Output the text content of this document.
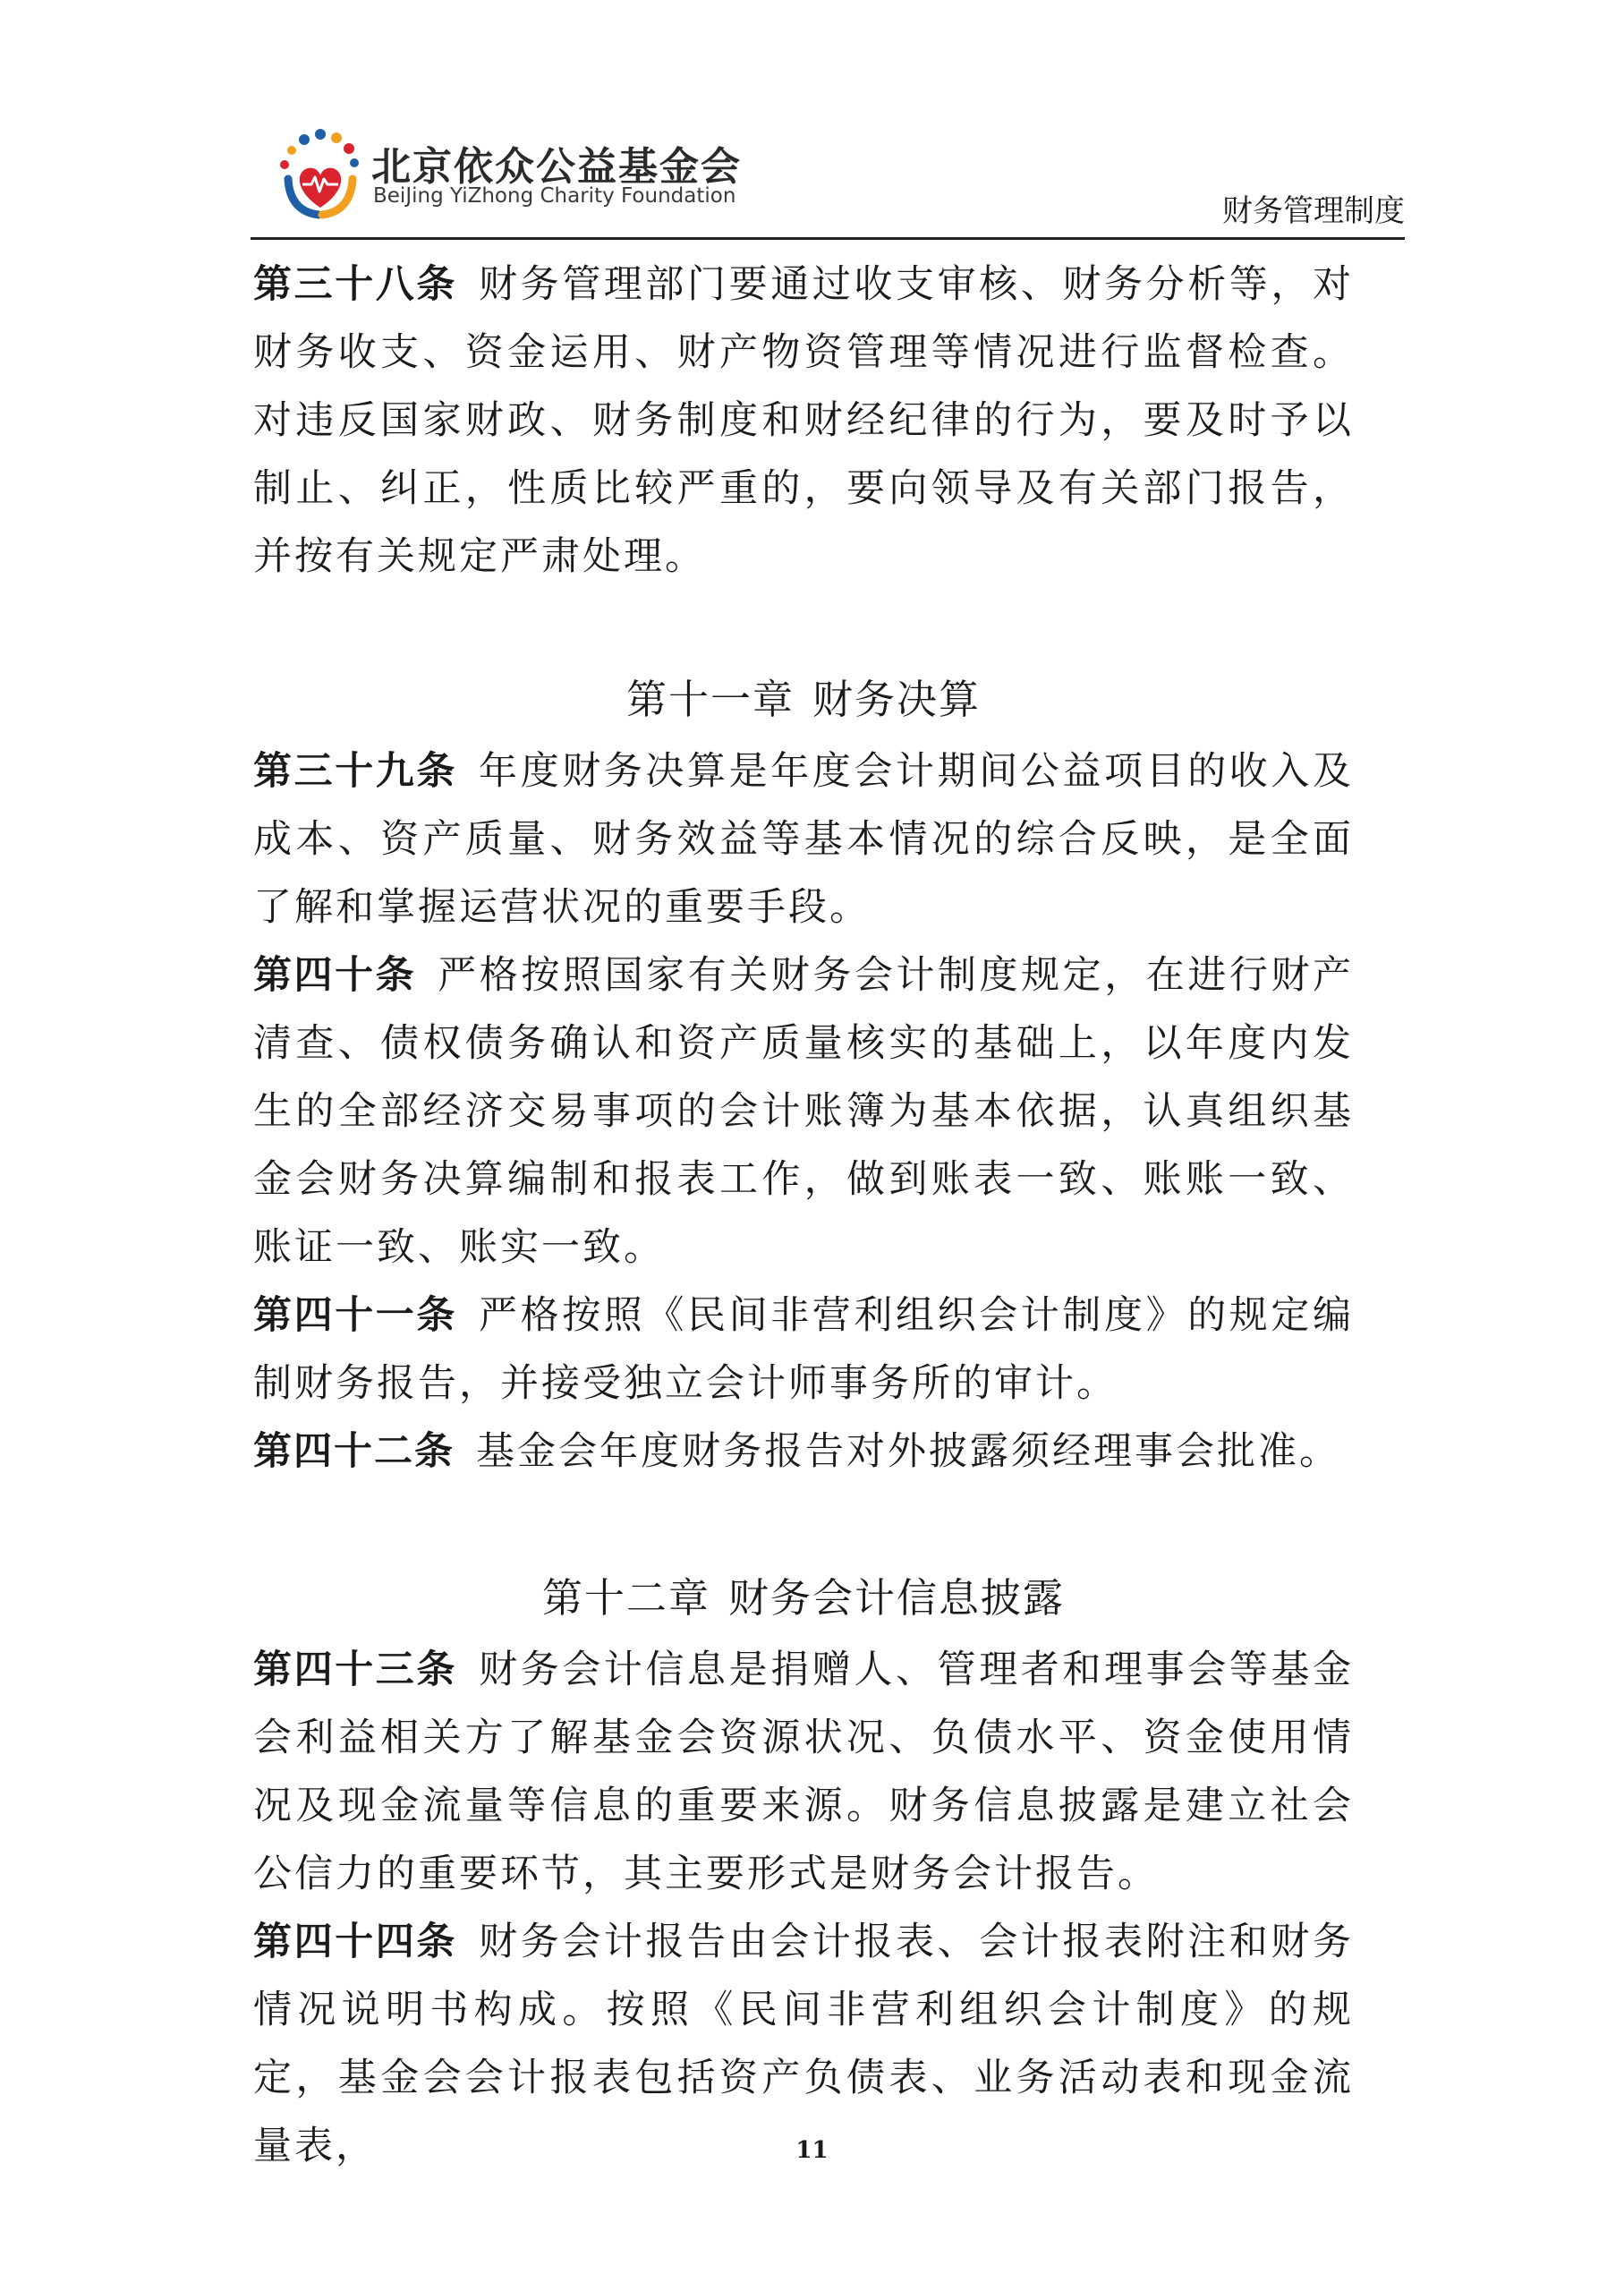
北京依众公益基金会
BeiJing YiZhong Charity Foundation	财务管理制度

第三十八条 财务管理部门要通过收支审核、财务分析等，对财务收支、资金运用、财产物资管理等情况进行监督检查。对违反国家财政、财务制度和财经纪律的行为，要及时予以制止、纠正，性质比较严重的，要向领导及有关部门报告，并按有关规定严肃处理。

第十一章 财务决算

第三十九条 年度财务决算是年度会计期间公益项目的收入及成本、资产质量、财务效益等基本情况的综合反映，是全面了解和掌握运营状况的重要手段。

第四十条 严格按照国家有关财务会计制度规定，在进行财产清查、债权债务确认和资产质量核实的基础上，以年度内发生的全部经济交易事项的会计账簿为基本依据，认真组织基金会财务决算编制和报表工作，做到账表一致、账账一致、账证一致、账实一致。

第四十一条 严格按照《民间非营利组织会计制度》的规定编制财务报告，并接受独立会计师事务所的审计。

第四十二条 基金会年度财务报告对外披露须经理事会批准。

第十二章 财务会计信息披露

第四十三条 财务会计信息是捐赠人、管理者和理事会等基金会利益相关方了解基金会资源状况、负债水平、资金使用情况及现金流量等信息的重要来源。财务信息披露是建立社会公信力的重要环节，其主要形式是财务会计报告。

第四十四条 财务会计报告由会计报表、会计报表附注和财务情况说明书构成。按照《民间非营利组织会计制度》的规定，基金会会计报表包括资产负债表、业务活动表和现金流量表，	11
